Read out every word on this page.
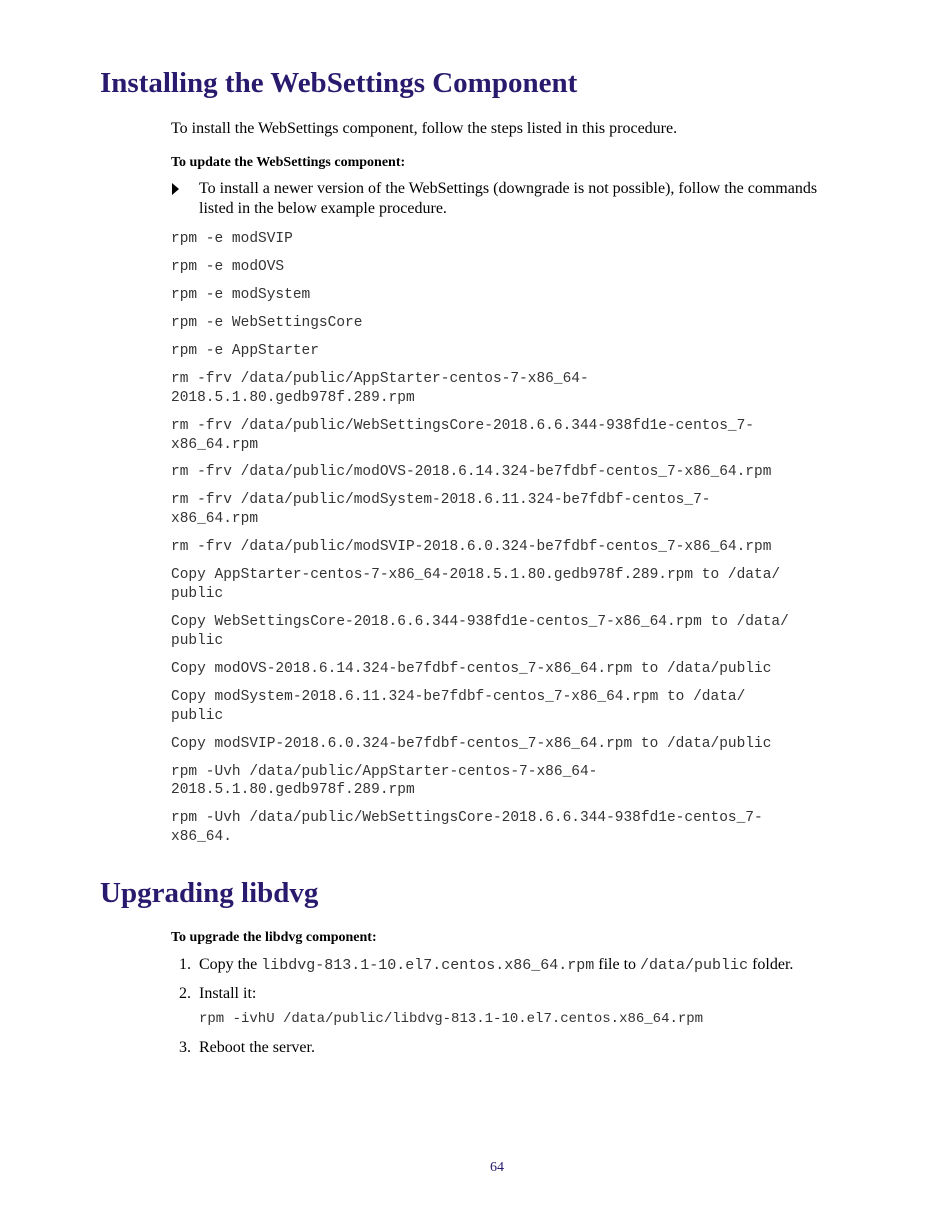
Installing the WebSettings Component

To install the WebSettings component, follow the steps listed in this procedure.

To update the WebSettings component:

To install a newer version of the WebSettings (downgrade is not possible), follow the commands listed in the below example procedure.
rpm -e modSVIP
rpm -e modOVS
rpm -e modSystem
rpm -e WebSettingsCore
rpm -e AppStarter
rm -frv /data/public/AppStarter-centos-7-x86_64-
2018.5.1.80.gedb978f.289.rpm
rm -frv /data/public/WebSettingsCore-2018.6.6.344-938fd1e-centos_7-
x86_64.rpm
rm -frv /data/public/modOVS-2018.6.14.324-be7fdbf-centos_7-x86_64.rpm
rm -frv /data/public/modSystem-2018.6.11.324-be7fdbf-centos_7-
x86_64.rpm
rm -frv /data/public/modSVIP-2018.6.0.324-be7fdbf-centos_7-x86_64.rpm
Copy AppStarter-centos-7-x86_64-2018.5.1.80.gedb978f.289.rpm to /data/
public
Copy WebSettingsCore-2018.6.6.344-938fd1e-centos_7-x86_64.rpm to /data/
public
Copy modOVS-2018.6.14.324-be7fdbf-centos_7-x86_64.rpm to /data/public
Copy modSystem-2018.6.11.324-be7fdbf-centos_7-x86_64.rpm to /data/
public
Copy modSVIP-2018.6.0.324-be7fdbf-centos_7-x86_64.rpm to /data/public
rpm -Uvh /data/public/AppStarter-centos-7-x86_64-
2018.5.1.80.gedb978f.289.rpm
rpm -Uvh /data/public/WebSettingsCore-2018.6.6.344-938fd1e-centos_7-
x86_64.
Upgrading libdvg

To upgrade the libdvg component:

1. Copy the libdvg-813.1-10.el7.centos.x86_64.rpm file to /data/public folder.
2. Install it:
rpm -ivhU /data/public/libdvg-813.1-10.el7.centos.x86_64.rpm
3. Reboot the server.
64
